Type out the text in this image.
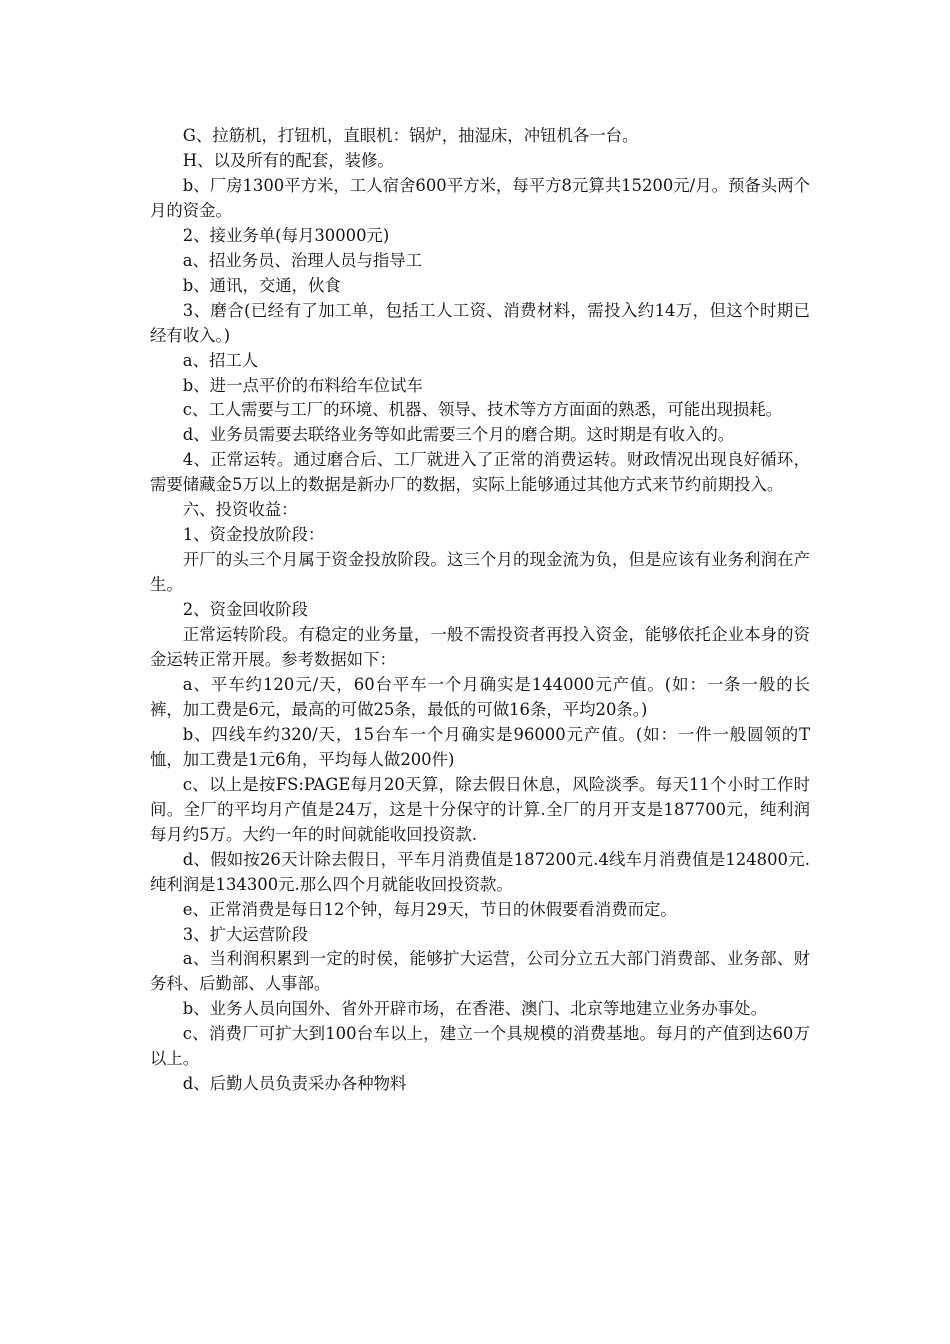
G、拉筋机，打钮机，直眼机：锅炉，抽湿床，冲钮机各一台。

H、以及所有的配套，装修。

b、厂房1300平方米，工人宿舍600平方米，每平方8元算共15200元/月。预备头两个月的资金。

2、接业务单(每月30000元)

a、招业务员、治理人员与指导工

b、通讯，交通，伙食

3、磨合(已经有了加工单，包括工人工资、消费材料，需投入约14万，但这个时期已经有收入。)

a、招工人

b、进一点平价的布料给车位试车

c、工人需要与工厂的环境、机器、领导、技术等方方面面的熟悉，可能出现损耗。

d、业务员需要去联络业务等如此需要三个月的磨合期。这时期是有收入的。

4、正常运转。通过磨合后、工厂就进入了正常的消费运转。财政情况出现良好循环，需要储藏金5万以上的数据是新办厂的数据，实际上能够通过其他方式来节约前期投入。

六、投资收益：

1、资金投放阶段：

开厂的头三个月属于资金投放阶段。这三个月的现金流为负，但是应该有业务利润在产生。

2、资金回收阶段

正常运转阶段。有稳定的业务量，一般不需投资者再投入资金，能够依托企业本身的资金运转正常开展。参考数据如下：

a、平车约120元/天，60台平车一个月确实是144000元产值。(如：一条一般的长裤，加工费是6元，最高的可做25条，最低的可做16条，平均20条。)

b、四线车约320/天，15台车一个月确实是96000元产值。(如：一件一般圆领的T恤，加工费是1元6角，平均每人做200件)

c、以上是按FS:PAGE每月20天算，除去假日休息，风险淡季。每天11个小时工作时间。全厂的平均月产值是24万，这是十分保守的计算.全厂的月开支是187700元，纯利润每月约5万。大约一年的时间就能收回投资款.

d、假如按26天计除去假日，平车月消费值是187200元.4线车月消费值是124800元.纯利润是134300元.那么四个月就能收回投资款。

e、正常消费是每日12个钟，每月29天，节日的休假要看消费而定。

3、扩大运营阶段

a、当利润积累到一定的时侯，能够扩大运营，公司分立五大部门消费部、业务部、财务科、后勤部、人事部。

b、业务人员向国外、省外开辟市场，在香港、澳门、北京等地建立业务办事处。

c、消费厂可扩大到100台车以上，建立一个具规模的消费基地。每月的产值到达60万以上。

d、后勤人员负责采办各种物料
